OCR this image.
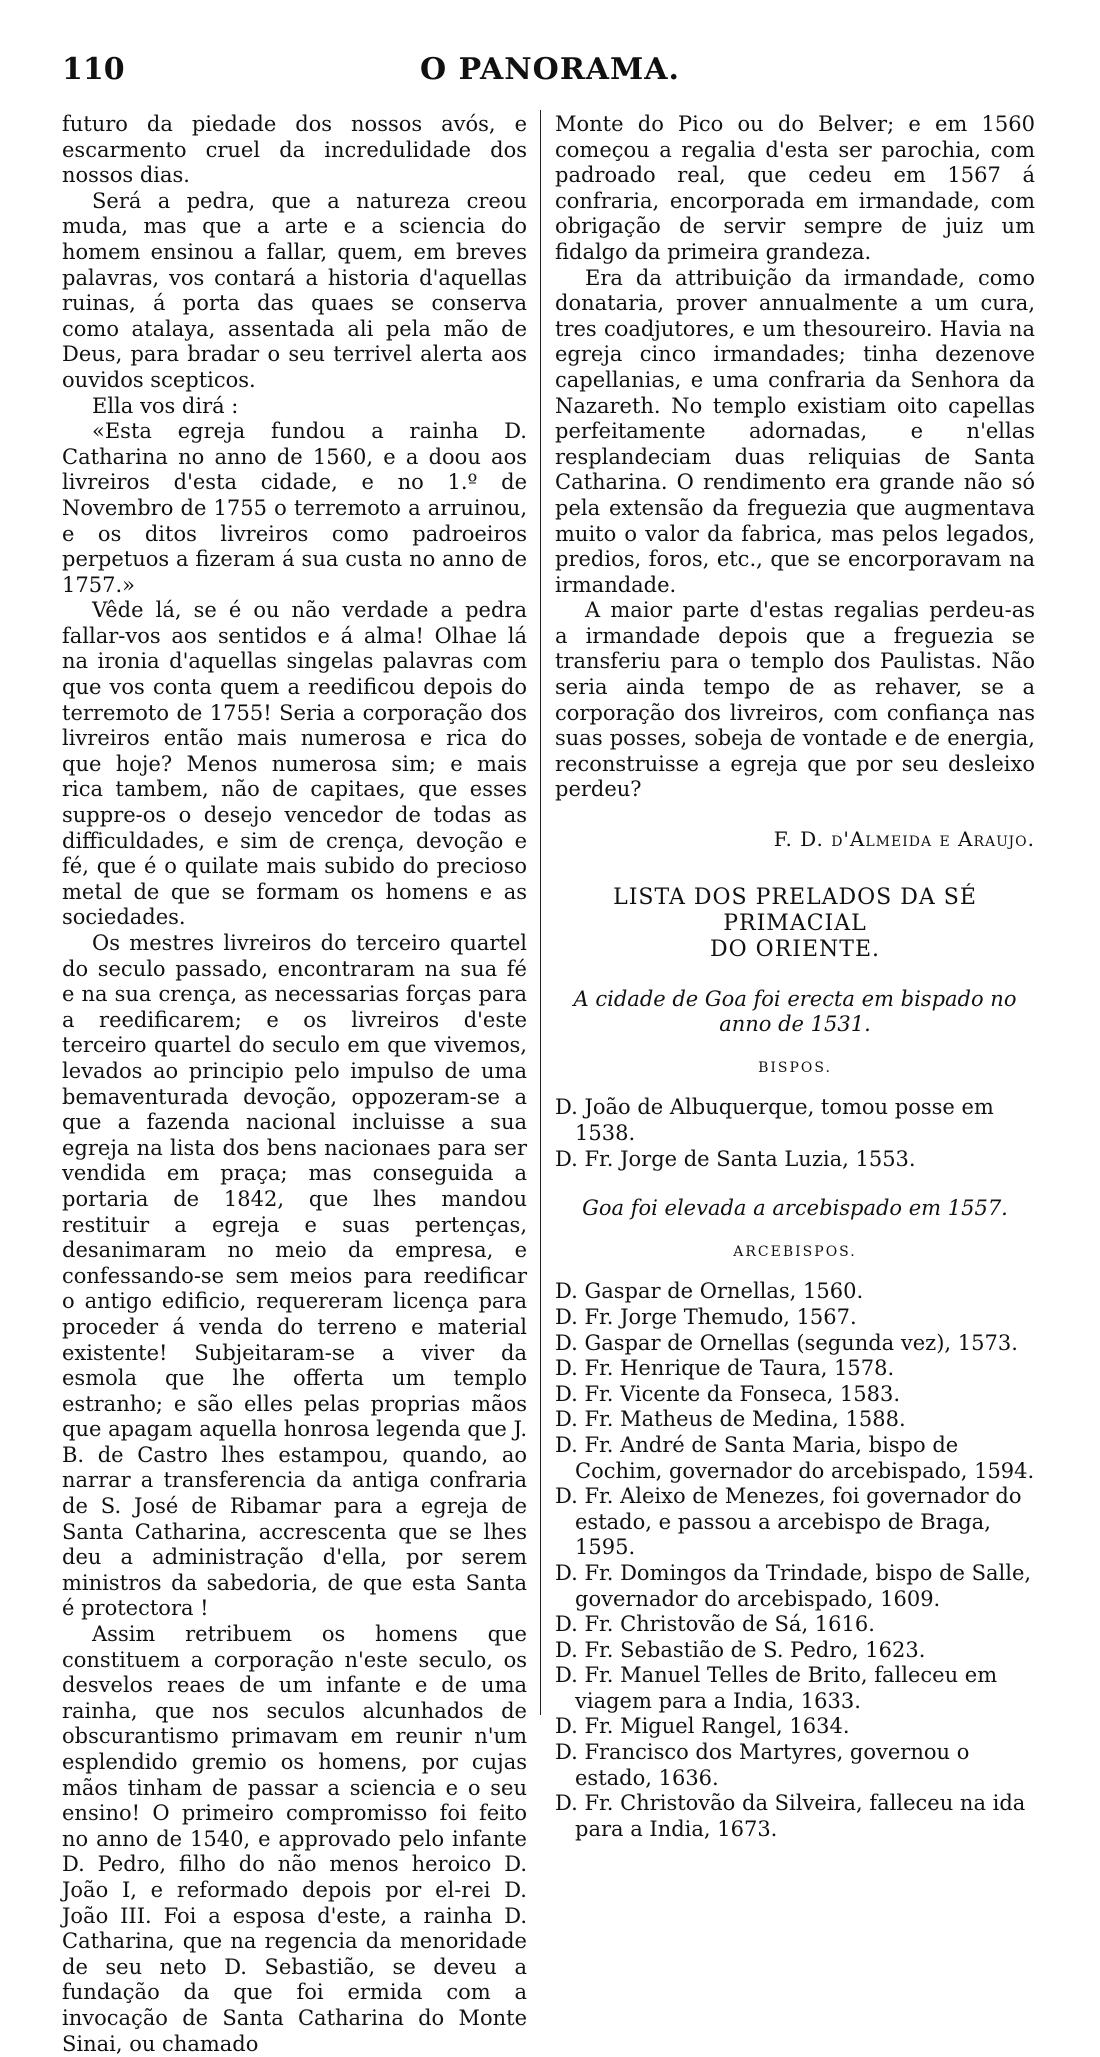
110	O PANORAMA.

futuro da piedade dos nossos avós, e escarmento cruel da incredulidade dos nossos dias.

Será a pedra, que a natureza creou muda, mas que a arte e a sciencia do homem ensinou a fallar, quem, em breves palavras, vos contará a historia d'aquellas ruinas, á porta das quaes se conserva como atalaya, assentada ali pela mão de Deus, para bradar o seu terrivel alerta aos ouvidos scepticos.

Ella vos dirá :

«Esta egreja fundou a rainha D. Catharina no anno de 1560, e a doou aos livreiros d'esta cidade, e no 1.º de Novembro de 1755 o terremoto a arruinou, e os ditos livreiros como padroeiros perpetuos a fizeram á sua custa no anno de 1757.»

Vêde lá, se é ou não verdade a pedra fallar-vos aos sentidos e á alma! Olhae lá na ironia d'aquellas singelas palavras com que vos conta quem a reedificou depois do terremoto de 1755! Seria a corporação dos livreiros então mais numerosa e rica do que hoje? Menos numerosa sim; e mais rica tambem, não de capitaes, que esses suppre-os o desejo vencedor de todas as difficuldades, e sim de crença, devoção e fé, que é o quilate mais subido do precioso metal de que se formam os homens e as sociedades.

Os mestres livreiros do terceiro quartel do seculo passado, encontraram na sua fé e na sua crença, as necessarias forças para a reedificarem; e os livreiros d'este terceiro quartel do seculo em que vivemos, levados ao principio pelo impulso de uma bemaventurada devoção, oppozeram-se a que a fazenda nacional incluisse a sua egreja na lista dos bens nacionaes para ser vendida em praça; mas conseguida a portaria de 1842, que lhes mandou restituir a egreja e suas pertenças, desanimaram no meio da empresa, e confessando-se sem meios para reedificar o antigo edificio, requereram licença para proceder á venda do terreno e material existente! Subjeitaram-se a viver da esmola que lhe offerta um templo estranho; e são elles pelas proprias mãos que apagam aquella honrosa legenda que J. B. de Castro lhes estampou, quando, ao narrar a transferencia da antiga confraria de S. José de Ribamar para a egreja de Santa Catharina, accrescenta que se lhes deu a administração d'ella, por serem ministros da sabedoria, de que esta Santa é protectora !

Assim retribuem os homens que constituem a corporação n'este seculo, os desvelos reaes de um infante e de uma rainha, que nos seculos alcunhados de obscurantismo primavam em reunir n'um esplendido gremio os homens, por cujas mãos tinham de passar a sciencia e o seu ensino! O primeiro compromisso foi feito no anno de 1540, e approvado pelo infante D. Pedro, filho do não menos heroico D. João I, e reformado depois por el-rei D. João III. Foi a esposa d'este, a rainha D. Catharina, que na regencia da menoridade de seu neto D. Sebastião, se deveu a fundação da que foi ermida com a invocação de Santa Catharina do Monte Sinai, ou chamado

Monte do Pico ou do Belver; e em 1560 começou a regalia d'esta ser parochia, com padroado real, que cedeu em 1567 á confraria, encorporada em irmandade, com obrigação de servir sempre de juiz um fidalgo da primeira grandeza.

Era da attribuição da irmandade, como donataria, prover annualmente a um cura, tres coadjutores, e um thesoureiro. Havia na egreja cinco irmandades; tinha dezenove capellanias, e uma confraria da Senhora da Nazareth. No templo existiam oito capellas perfeitamente adornadas, e n'ellas resplandeciam duas reliquias de Santa Catharina. O rendimento era grande não só pela extensão da freguezia que augmentava muito o valor da fabrica, mas pelos legados, predios, foros, etc., que se encorporavam na irmandade.

A maior parte d'estas regalias perdeu-as a irmandade depois que a freguezia se transferiu para o templo dos Paulistas. Não seria ainda tempo de as rehaver, se a corporação dos livreiros, com confiança nas suas posses, sobeja de vontade e de energia, reconstruisse a egreja que por seu desleixo perdeu?

F. D. d'Almeida e Araujo.

LISTA DOS PRELADOS DA SÉ PRIMACIAL
DO ORIENTE.

A cidade de Goa foi erecta em bispado no anno de 1531.

BISPOS.

D. João de Albuquerque, tomou posse em 1538.
D. Fr. Jorge de Santa Luzia, 1553.

Goa foi elevada a arcebispado em 1557.

ARCEBISPOS.

D. Gaspar de Ornellas, 1560.
D. Fr. Jorge Themudo, 1567.
D. Gaspar de Ornellas (segunda vez), 1573.
D. Fr. Henrique de Taura, 1578.
D. Fr. Vicente da Fonseca, 1583.
D. Fr. Matheus de Medina, 1588.
D. Fr. André de Santa Maria, bispo de Cochim, governador do arcebispado, 1594.
D. Fr. Aleixo de Menezes, foi governador do estado, e passou a arcebispo de Braga, 1595.
D. Fr. Domingos da Trindade, bispo de Salle, governador do arcebispado, 1609.
D. Fr. Christovão de Sá, 1616.
D. Fr. Sebastião de S. Pedro, 1623.
D. Fr. Manuel Telles de Brito, falleceu em viagem para a India, 1633.
D. Fr. Miguel Rangel, 1634.
D. Francisco dos Martyres, governou o estado, 1636.
D. Fr. Christovão da Silveira, falleceu na ida para a India, 1673.
